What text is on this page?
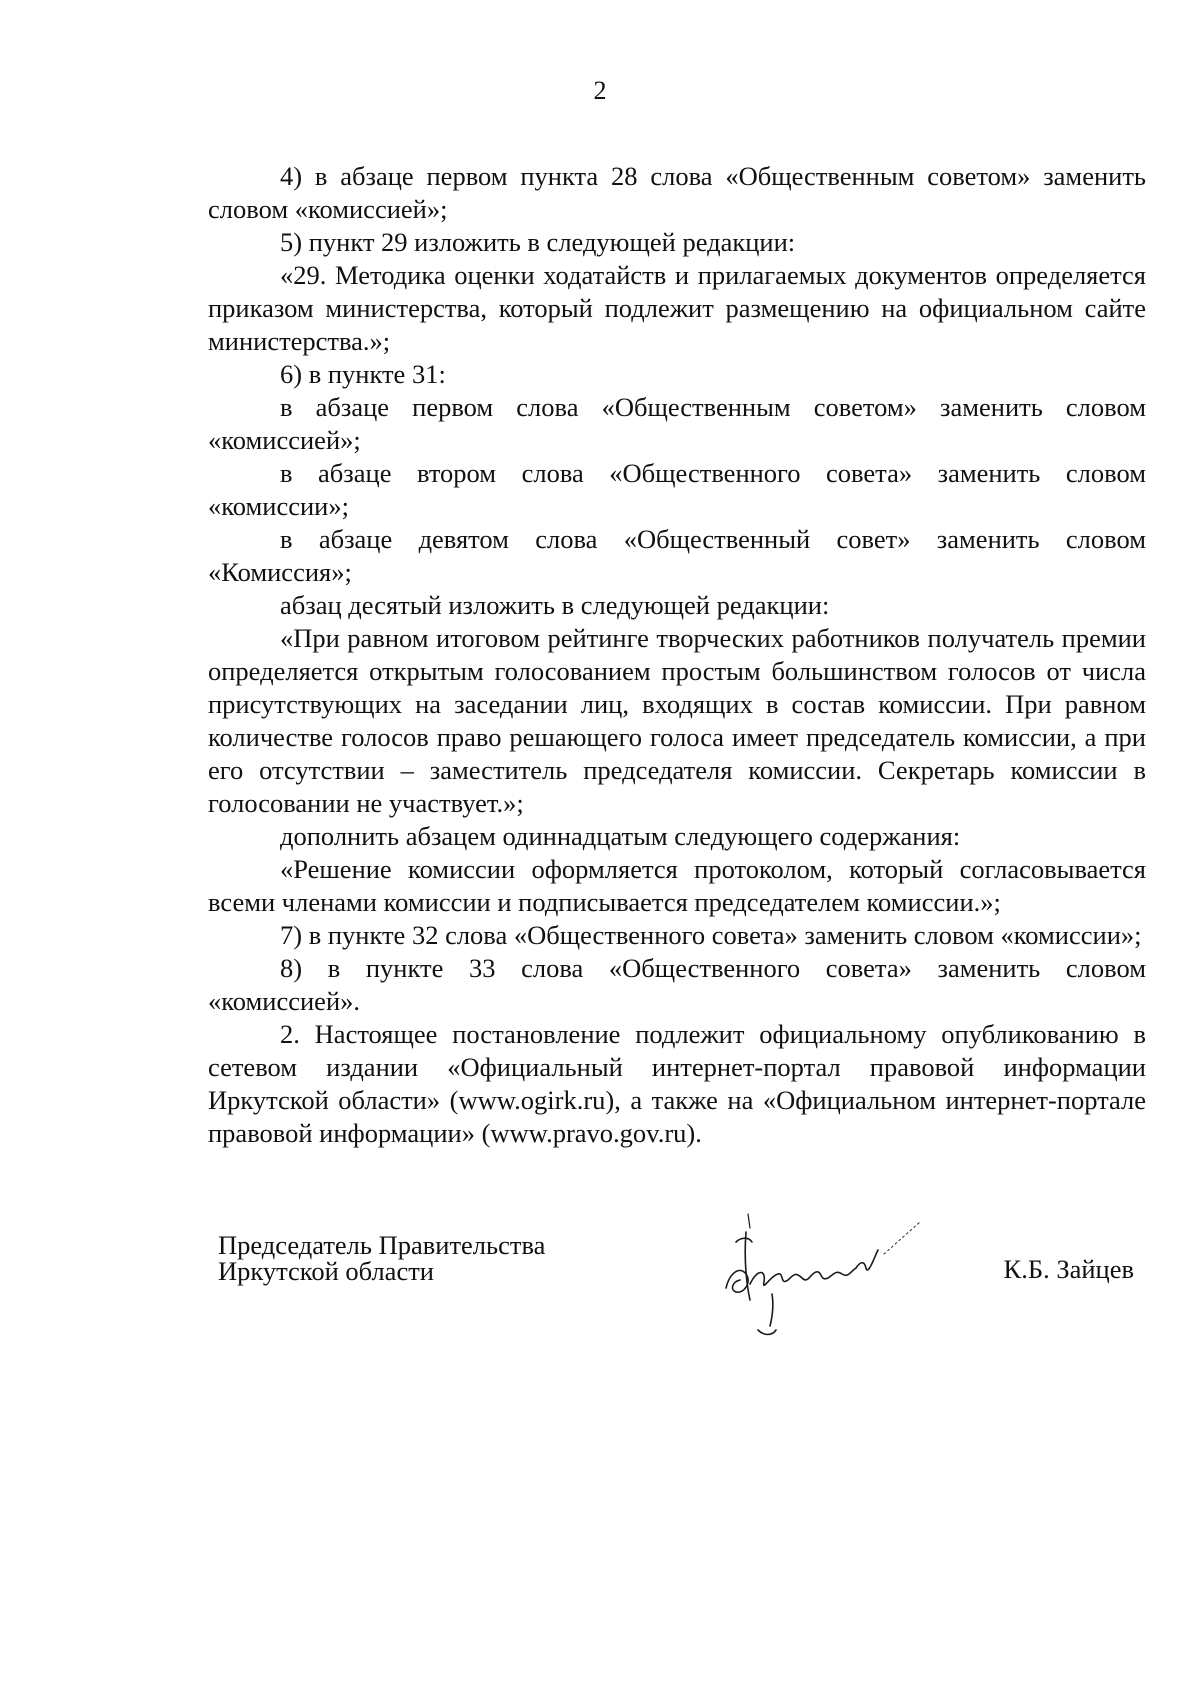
2

4) в абзаце первом пункта 28 слова «Общественным советом» заменить словом «комиссией»;

5) пункт 29 изложить в следующей редакции:

«29. Методика оценки ходатайств и прилагаемых документов определяется приказом министерства, который подлежит размещению на официальном сайте министерства.»;

6) в пункте 31:

в абзаце первом слова «Общественным советом» заменить словом «комиссией»;

в абзаце втором слова «Общественного совета» заменить словом «комиссии»;

в абзаце девятом слова «Общественный совет» заменить словом «Комиссия»;

абзац десятый изложить в следующей редакции:

«При равном итоговом рейтинге творческих работников получатель премии определяется открытым голосованием простым большинством голосов от числа присутствующих на заседании лиц, входящих в состав комиссии. При равном количестве голосов право решающего голоса имеет председатель комиссии, а при его отсутствии – заместитель председателя комиссии. Секретарь комиссии в голосовании не участвует.»;

дополнить абзацем одиннадцатым следующего содержания:

«Решение комиссии оформляется протоколом, который согласовывается всеми членами комиссии и подписывается председателем комиссии.»;

7) в пункте 32 слова «Общественного совета» заменить словом «комиссии»;

8) в пункте 33 слова «Общественного совета» заменить словом «комиссией».

2. Настоящее постановление подлежит официальному опубликованию в сетевом издании «Официальный интернет-портал правовой информации Иркутской области» (www.ogirk.ru), а также на «Официальном интернет-портале правовой информации» (www.pravo.gov.ru).

Председатель Правительства
Иркутской области	К.Б. Зайцев
